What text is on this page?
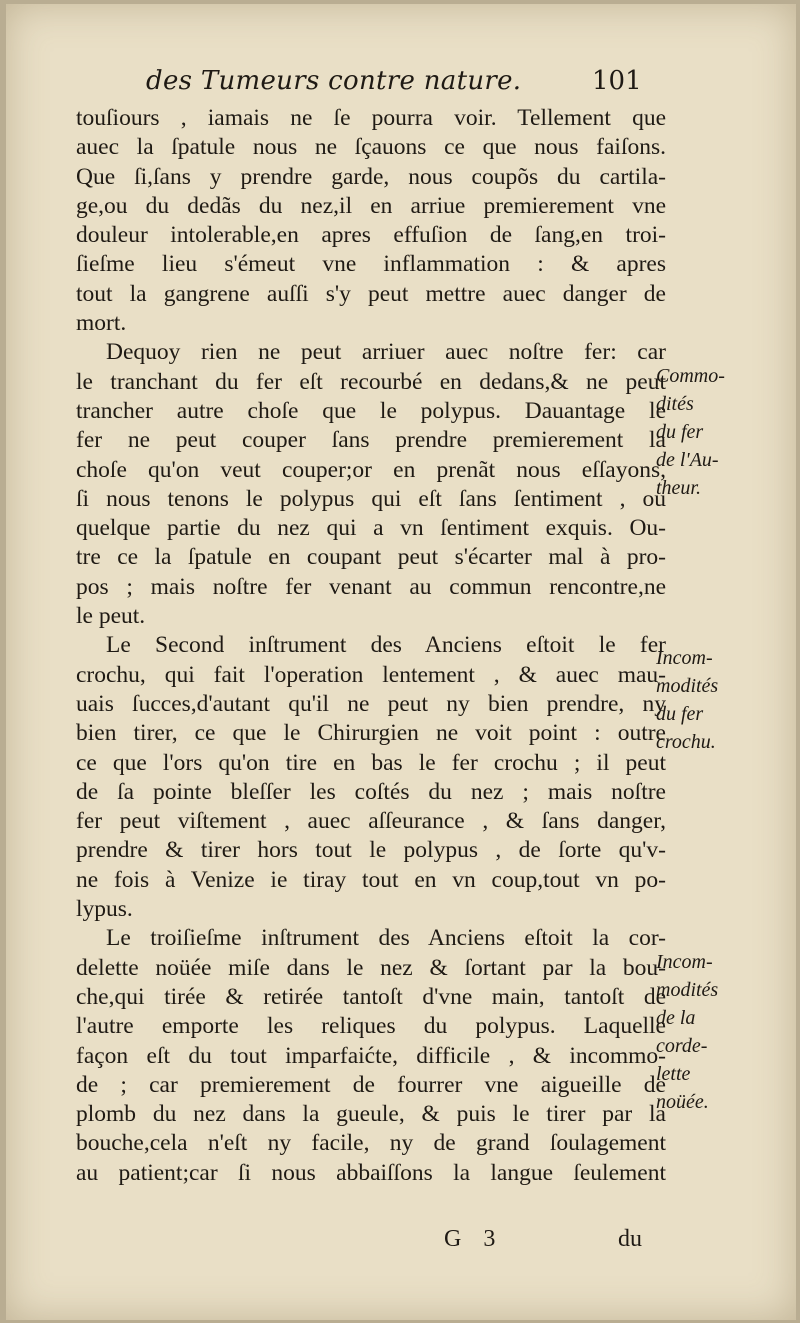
des Tumeurs contre nature.	101
touſiours , iamais ne ſe pourra voir. Tellement que
auec la ſpatule nous ne ſçauons ce que nous faiſons.
Que ſi,ſans y prendre garde, nous coupõs du cartila-
ge,ou du dedãs du nez,il en arriue premierement vne
douleur intolerable,en apres effuſion de ſang,en troi-
ſieſme lieu s'émeut vne inflammation : & apres
tout la gangrene auſſi s'y peut mettre auec danger de
mort.
Dequoy rien ne peut arriuer auec noſtre fer: car
le tranchant du fer eſt recourbé en dedans,& ne peut
trancher autre choſe que le polypus. Dauantage le
fer ne peut couper ſans prendre premierement la
choſe qu'on veut couper;or en prenãt nous eſſayons,
ſi nous tenons le polypus qui eſt ſans ſentiment , ou
quelque partie du nez qui a vn ſentiment exquis. Ou-
tre ce la ſpatule en coupant peut s'écarter mal à pro-
pos ; mais noſtre fer venant au commun rencontre,ne
le peut.
Le Second inſtrument des Anciens eſtoit le fer
crochu, qui fait l'operation lentement , & auec mau-
uais ſucces,d'autant qu'il ne peut ny bien prendre, ny
bien tirer, ce que le Chirurgien ne voit point : outre
ce que l'ors qu'on tire en bas le fer crochu ; il peut
de ſa pointe bleſſer les coſtés du nez ; mais noſtre
fer peut viſtement , auec aſſeurance , & ſans danger,
prendre & tirer hors tout le polypus , de ſorte qu'v-
ne fois à Venize ie tiray tout en vn coup,tout vn po-
lypus.
Le troiſieſme inſtrument des Anciens eſtoit la cor-
delette noüée miſe dans le nez & ſortant par la bou-
che,qui tirée & retirée tantoſt d'vne main, tantoſt de
l'autre emporte les reliques du polypus. Laquelle
façon eſt du tout imparfaićte, difficile , & incommo-
de ; car premierement de fourrer vne aigueille de
plomb du nez dans la gueule, & puis le tirer par la
bouche,cela n'eſt ny facile, ny de grand ſoulagement
au patient;car ſi nous abbaiſſons la langue ſeulement
Commo-
dités
du fer
de l'Au-
theur.
Incom-
modités
du fer
crochu.
Incom-
modités
de la
corde-
lette
noüée.
G 3	du
